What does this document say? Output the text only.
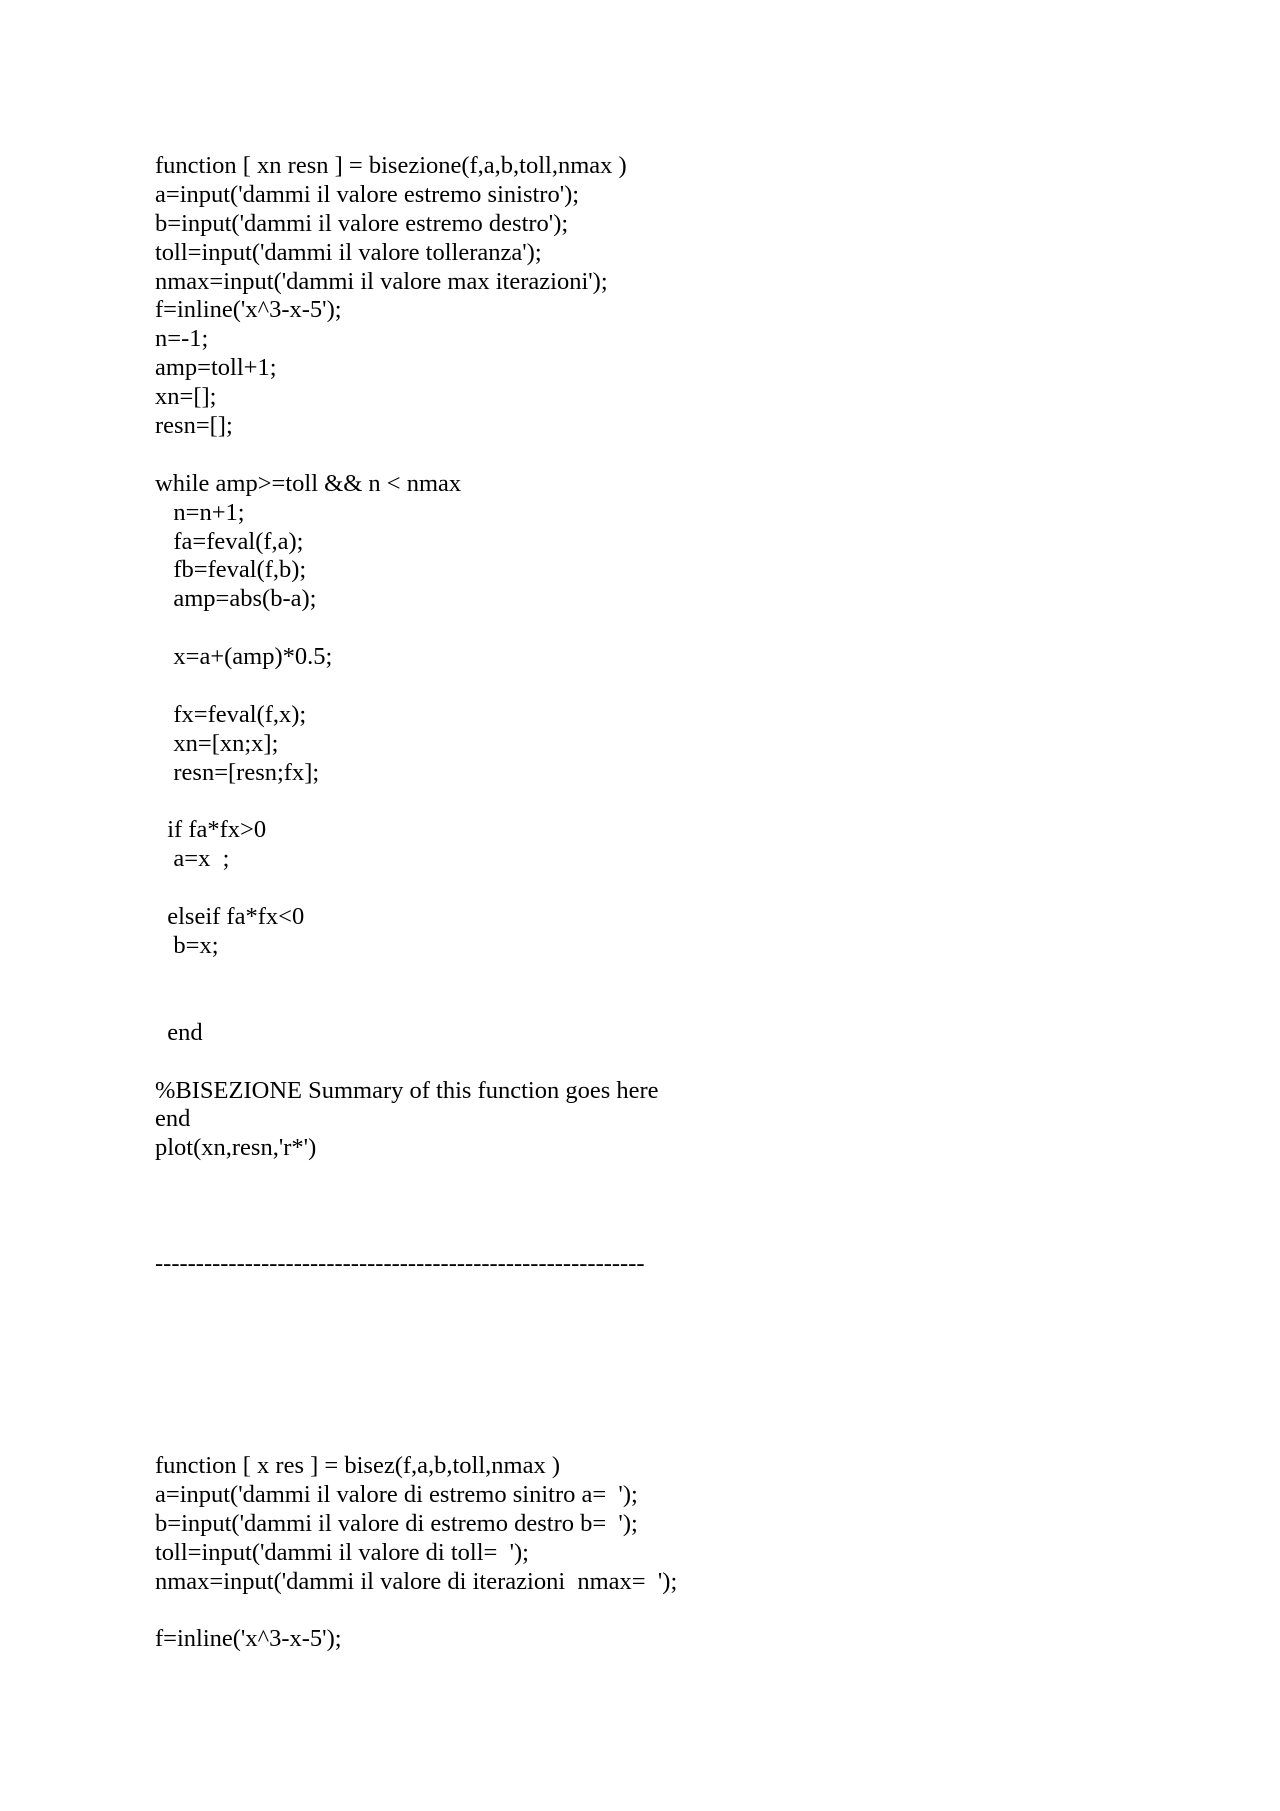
function [ xn resn ] = bisezione(f,a,b,toll,nmax )
a=input('dammi il valore estremo sinistro');
b=input('dammi il valore estremo destro');
toll=input('dammi il valore tolleranza');
nmax=input('dammi il valore max iterazioni');
f=inline('x^3-x-5');
n=-1;
amp=toll+1;
xn=[];
resn=[];
while amp>=toll && n < nmax
n=n+1;
fa=feval(f,a);
fb=feval(f,b);
amp=abs(b-a);
x=a+(amp)*0.5;
fx=feval(f,x);
xn=[xn;x];
resn=[resn;fx];
if fa*fx>0
a=x  ;
elseif fa*fx<0
b=x;
end
%BISEZIONE Summary of this function goes here
end
plot(xn,resn,'r*')
------------------------------------------------------------
function [ x res ] = bisez(f,a,b,toll,nmax )
a=input('dammi il valore di estremo sinitro a=  ');
b=input('dammi il valore di estremo destro b=  ');
toll=input('dammi il valore di toll=  ');
nmax=input('dammi il valore di iterazioni  nmax=  ');
f=inline('x^3-x-5');
